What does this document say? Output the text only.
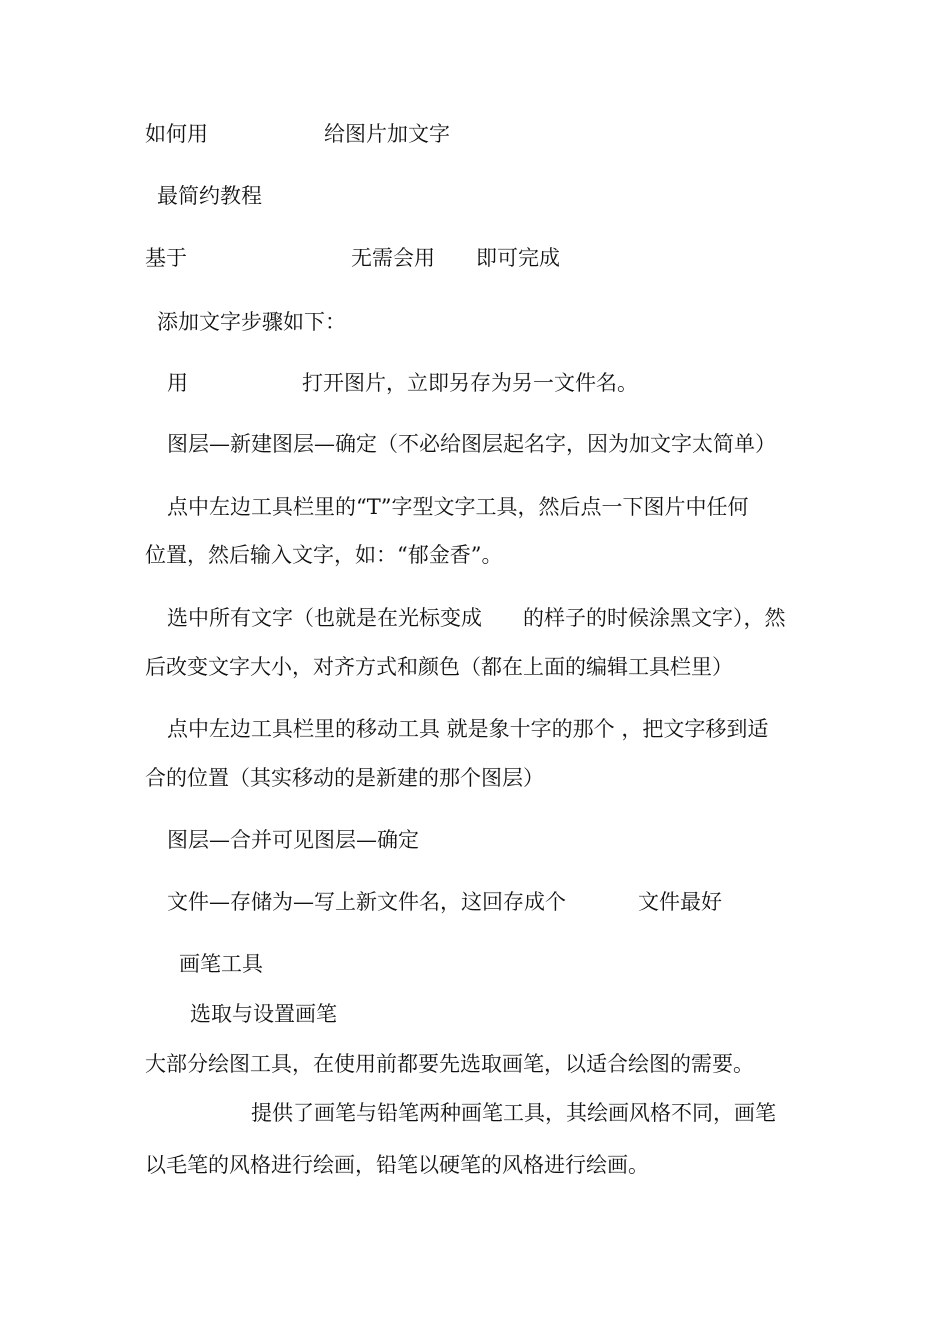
如何用	给图片加文字
最简约教程
基于	无需会用 即可完成
添加文字步骤如下：
用	打开图片，立即另存为另一文件名。
图层—新建图层—确定（不必给图层起名字，因为加文字太简单）
点中左边工具栏里的“T”字型文字工具，然后点一下图片中任何
位置，然后输入文字，如：“郁金香”。
选中所有文字（也就是在光标变成 的样子的时候涂黑文字），然
后改变文字大小，对齐方式和颜色（都在上面的编辑工具栏里）
点中左边工具栏里的移动工具 就是象十字的那个 ，把文字移到适
合的位置（其实移动的是新建的那个图层）
图层—合并可见图层—确定
文件—存储为—写上新文件名，这回存成个	文件最好
画笔工具
选取与设置画笔
大部分绘图工具，在使用前都要先选取画笔，以适合绘图的需要。
提供了画笔与铅笔两种画笔工具，其绘画风格不同，画笔
以毛笔的风格进行绘画，铅笔以硬笔的风格进行绘画。
